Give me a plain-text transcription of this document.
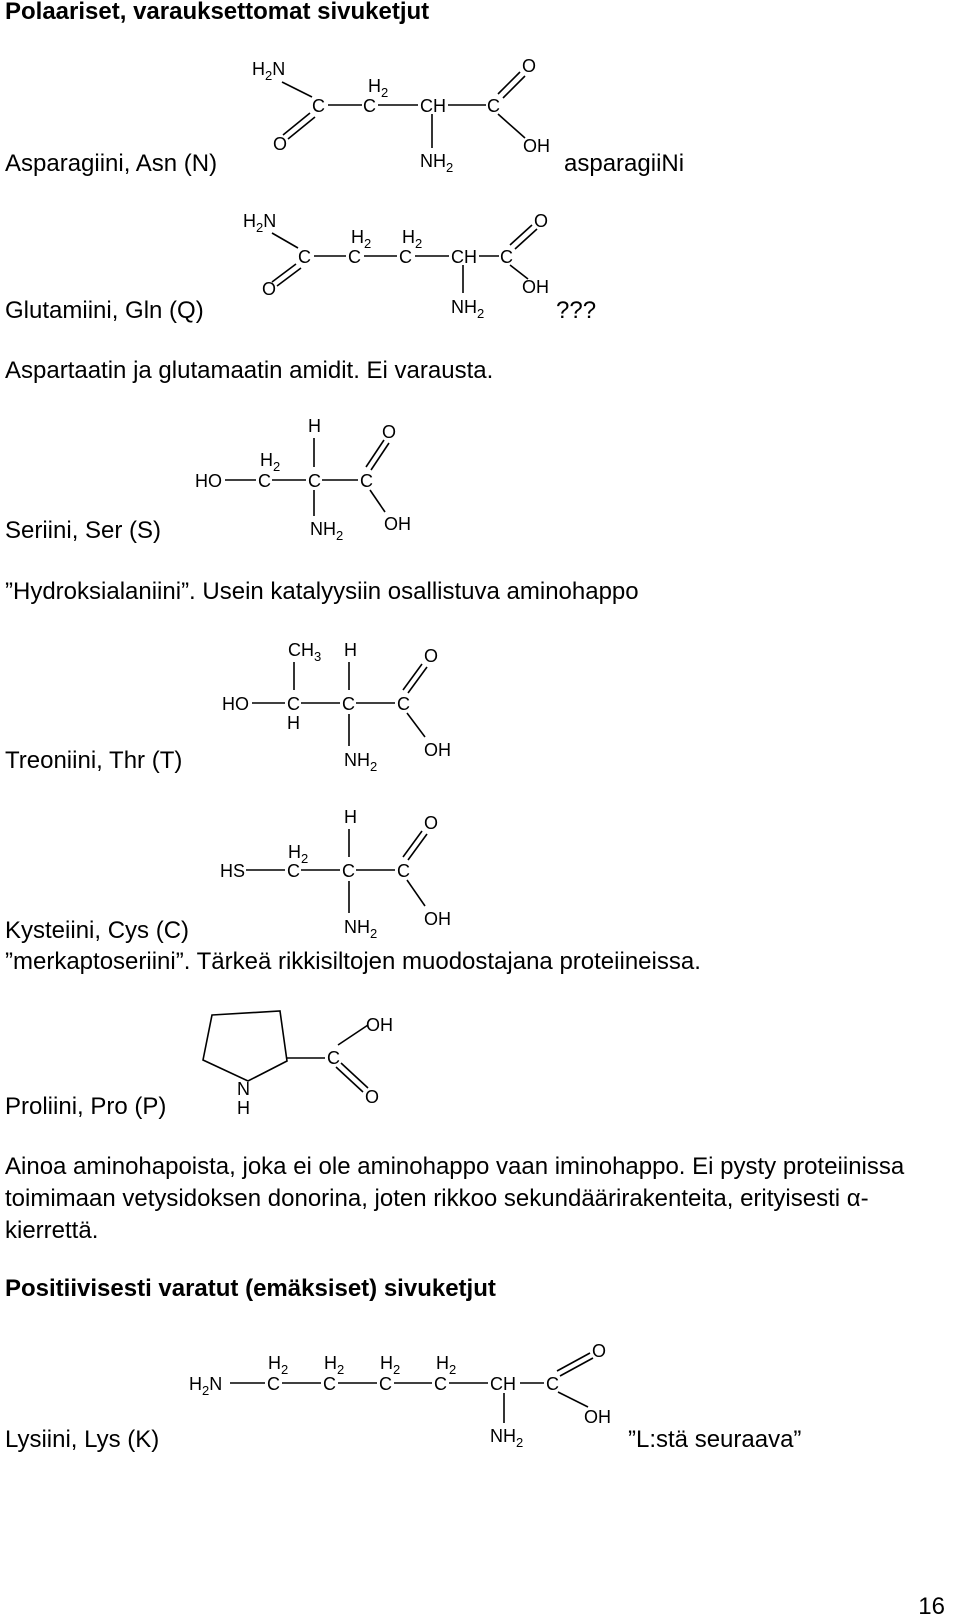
Polaariset, varauksettomat sivuketjut
$H_2N$
C
$H_2$
C CH C
O
O	OH
$NH_2$
Asparagiini, Asn (N)	asparagiiNi
$H_2N$
C
$H_2$
C
$H_2$
C CH C
O
O	OH
$NH_2$
Glutamiini, Gln (Q)	???
Aspartaatin ja glutamaatin amidit. Ei varausta.
H	O
$H_2$
HO C C C
$NH_2$
OH
Seriini, Ser (S)
”Hydroksialaniini”. Usein katalyysiin osallistuva aminohappo
$CH_3$ H	O
HO C
H
C C
$NH_2$
OH
Treoniini, Thr (T)
H	O
$H_2$
HS C C C
$NH_2$
OH
Kysteiini, Cys (C)
”merkaptoseriini”. Tärkeä rikkisiltojen muodostajana proteiineissa.
OH
C
N
H
O
Proliini, Pro (P)

Ainoa aminohapoista, joka ei ole aminohappo vaan iminohappo. Ei pysty proteiinissa toimimaan vetysidoksen donorina, joten rikkoo sekundäärirakenteita, erityisesti α-kierrettä.

Positiivisesti varatut (emäksiset) sivuketjut
O
$H_2$ $H_2$ $H_2$ $H_2$
$H_2N$ C C C C CH C
OH
$NH_2$
Lysiini, Lys (K)	”L:stä seuraava”
16
